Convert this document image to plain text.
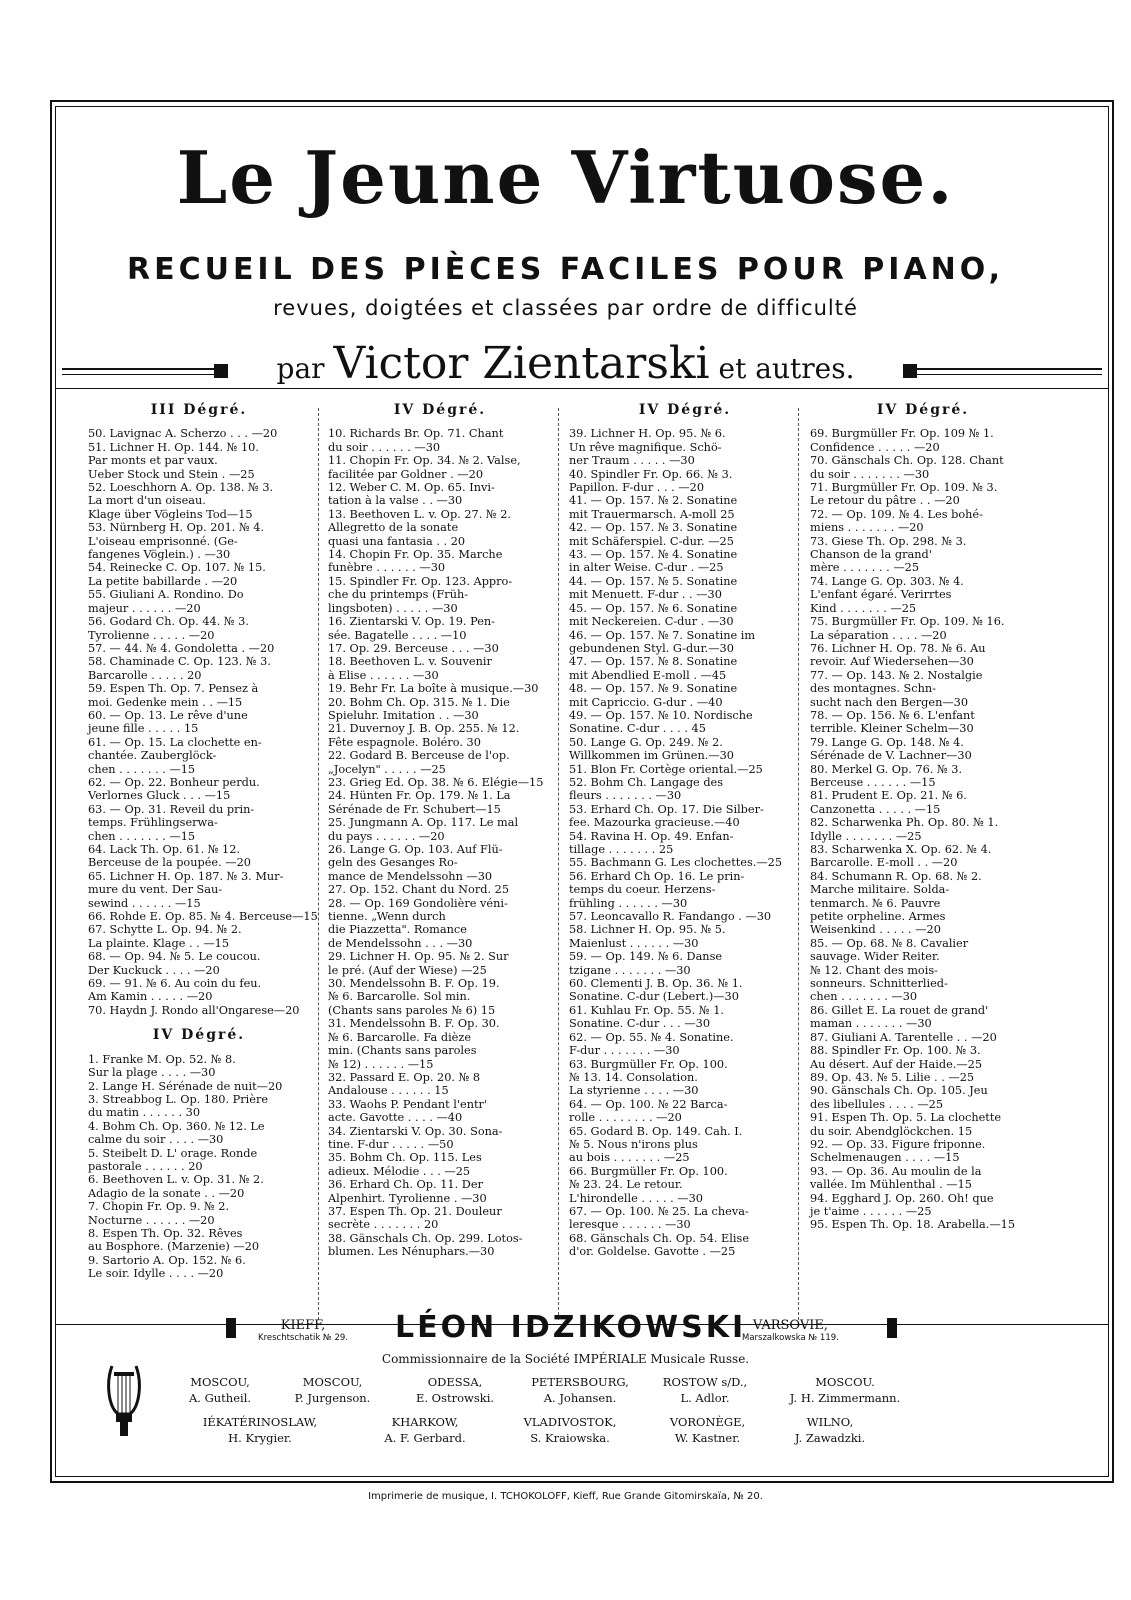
Le Jeune Virtuose.
RECUEIL DES PIÈCES FACILES POUR PIANO,
revues, doigtées et classées par ordre de difficulté
par Victor Zientarski et autres.
III Dégré.
50. Lavignac A. Scherzo . . . —20
51. Lichner H. Op. 144. № 10.
Par monts et par vaux.
Ueber Stock und Stein . —25
52. Loeschhorn A. Op. 138. № 3.
La mort d'un oiseau.
Klage über Vögleins Tod—15
53. Nürnberg H. Op. 201. № 4.
L'oiseau emprisonné. (Ge-
fangenes Vöglein.) . —30
54. Reinecke C. Op. 107. № 15.
La petite babillarde . —20
55. Giuliani A. Rondino. Do
majeur . . . . . . —20
56. Godard Ch. Op. 44. № 3.
Tyrolienne . . . . . —20
57. — 44. № 4. Gondoletta . —20
58. Chaminade C. Op. 123. № 3.
Barcarolle . . . . . 20
59. Espen Th. Op. 7. Pensez à
moi. Gedenke mein . . —15
60. — Op. 13. Le rêve d'une
jeune fille . . . . . 15
61. — Op. 15. La clochette en-
chantée. Zauberglöck-
chen . . . . . . . —15
62. — Op. 22. Bonheur perdu.
Verlornes Gluck . . . —15
63. — Op. 31. Reveil du prin-
temps. Frühlingserwa-
chen . . . . . . . —15
64. Lack Th. Op. 61. № 12.
Berceuse de la poupée. —20
65. Lichner H. Op. 187. № 3. Mur-
mure du vent. Der Sau-
sewind . . . . . . —15
66. Rohde E. Op. 85. № 4. Berceuse—15
67. Schytte L. Op. 94. № 2.
La plainte. Klage . . —15
68. — Op. 94. № 5. Le coucou.
Der Kuckuck . . . . —20
69. — 91. № 6. Au coin du feu.
Am Kamin . . . . . —20
70. Haydn J. Rondo all'Ongarese—20
IV Dégré.
1. Franke M. Op. 52. № 8.
Sur la plage . . . . —30
2. Lange H. Sérénade de nuit—20
3. Streabbog L. Op. 180. Prière
du matin . . . . . . 30
4. Bohm Ch. Op. 360. № 12. Le
calme du soir . . . . —30
5. Steibelt D. L' orage. Ronde
pastorale . . . . . . 20
6. Beethoven L. v. Op. 31. № 2.
Adagio de la sonate . . —20
7. Chopin Fr. Op. 9. № 2.
Nocturne . . . . . . —20
8. Espen Th. Op. 32. Rêves
au Bosphore. (Marzenie) —20
9. Sartorio A. Op. 152. № 6.
Le soir. Idylle . . . . —20
IV Dégré.
10. Richards Br. Op. 71. Chant
du soir . . . . . . —30
11. Chopin Fr. Op. 34. № 2. Valse,
facilitée par Goldner . —20
12. Weber C. M. Op. 65. Invi-
tation à la valse . . —30
13. Beethoven L. v. Op. 27. № 2.
Allegretto de la sonate
quasi una fantasia . . 20
14. Chopin Fr. Op. 35. Marche
funèbre . . . . . . —30
15. Spindler Fr. Op. 123. Appro-
che du printemps (Früh-
lingsboten) . . . . . —30
16. Zientarski V. Op. 19. Pen-
sée. Bagatelle . . . . —10
17. Op. 29. Berceuse . . . —30
18. Beethoven L. v. Souvenir
à Elise . . . . . . —30
19. Behr Fr. La boîte à musique.—30
20. Bohm Ch. Op. 315. № 1. Die
Spieluhr. Imitation . . —30
21. Duvernoy J. B. Op. 255. № 12.
Fête espagnole. Boléro. 30
22. Godard B. Berceuse de l'op.
„Jocelyn" . . . . . —25
23. Grieg Ed. Op. 38. № 6. Elégie—15
24. Hünten Fr. Op. 179. № 1. La
Sérénade de Fr. Schubert—15
25. Jungmann A. Op. 117. Le mal
du pays . . . . . . —20
26. Lange G. Op. 103. Auf Flü-
geln des Gesanges Ro-
mance de Mendelssohn —30
27. Op. 152. Chant du Nord. 25
28. — Op. 169 Gondolière véni-
tienne. „Wenn durch
die Piazzetta". Romance
de Mendelssohn . . . —30
29. Lichner H. Op. 95. № 2. Sur
le pré. (Auf der Wiese) —25
30. Mendelssohn B. F. Op. 19.
№ 6. Barcarolle. Sol min.
(Chants sans paroles № 6) 15
31. Mendelssohn B. F. Op. 30.
№ 6. Barcarolle. Fa dièze
min. (Chants sans paroles
№ 12) . . . . . . —15
32. Passard E. Op. 20. № 8
Andalouse . . . . . . 15
33. Waohs P. Pendant l'entr'
acte. Gavotte . . . . —40
34. Zientarski V. Op. 30. Sona-
tine. F-dur . . . . . —50
35. Bohm Ch. Op. 115. Les
adieux. Mélodie . . . —25
36. Erhard Ch. Op. 11. Der
Alpenhirt. Tyrolienne . —30
37. Espen Th. Op. 21. Douleur
secrète . . . . . . . 20
38. Gänschals Ch. Op. 299. Lotos-
blumen. Les Nénuphars.—30
IV Dégré.
39. Lichner H. Op. 95. № 6.
Un rêve magnifique. Schö-
ner Traum . . . . . —30
40. Spindler Fr. Op. 66. № 3.
Papillon. F-dur . . . —20
41. — Op. 157. № 2. Sonatine
mit Trauermarsch. A-moll 25
42. — Op. 157. № 3. Sonatine
mit Schäferspiel. C-dur. —25
43. — Op. 157. № 4. Sonatine
in alter Weise. C-dur . —25
44. — Op. 157. № 5. Sonatine
mit Menuett. F-dur . . —30
45. — Op. 157. № 6. Sonatine
mit Neckereien. C-dur . —30
46. — Op. 157. № 7. Sonatine im
gebundenen Styl. G-dur.—30
47. — Op. 157. № 8. Sonatine
mit Abendlied E-moll . —45
48. — Op. 157. № 9. Sonatine
mit Capriccio. G-dur . —40
49. — Op. 157. № 10. Nordische
Sonatine. C-dur . . . . 45
50. Lange G. Op. 249. № 2.
Willkommen im Grünen.—30
51. Blon Fr. Cortège oriental.—25
52. Bohm Ch. Langage des
fleurs . . . . . . . —30
53. Erhard Ch. Op. 17. Die Silber-
fee. Mazourka gracieuse.—40
54. Ravina H. Op. 49. Enfan-
tillage . . . . . . . 25
55. Bachmann G. Les clochettes.—25
56. Erhard Ch Op. 16. Le prin-
temps du coeur. Herzens-
frühling . . . . . . —30
57. Leoncavallo R. Fandango . —30
58. Lichner H. Op. 95. № 5.
Maienlust . . . . . . —30
59. — Op. 149. № 6. Danse
tzigane . . . . . . . —30
60. Clementi J. B. Op. 36. № 1.
Sonatine. C-dur (Lebert.)—30
61. Kuhlau Fr. Op. 55. № 1.
Sonatine. C-dur . . . —30
62. — Op. 55. № 4. Sonatine.
F-dur . . . . . . . —30
63. Burgmüller Fr. Op. 100.
№ 13. 14. Consolation.
La styrienne . . . . —30
64. — Op. 100. № 22 Barca-
rolle . . . . . . . . —20
65. Godard B. Op. 149. Cah. I.
№ 5. Nous n'irons plus
au bois . . . . . . . —25
66. Burgmüller Fr. Op. 100.
№ 23. 24. Le retour.
L'hirondelle . . . . . —30
67. — Op. 100. № 25. La cheva-
leresque . . . . . . —30
68. Gänschals Ch. Op. 54. Elise
d'or. Goldelse. Gavotte . —25
IV Dégré.
69. Burgmüller Fr. Op. 109 № 1.
Confidence . . . . . —20
70. Gänschals Ch. Op. 128. Chant
du soir . . . . . . . —30
71. Burgmüller Fr. Op. 109. № 3.
Le retour du pâtre . . —20
72. — Op. 109. № 4. Les bohé-
miens . . . . . . . —20
73. Giese Th. Op. 298. № 3.
Chanson de la grand'
mère . . . . . . . —25
74. Lange G. Op. 303. № 4.
L'enfant égaré. Verirrtes
Kind . . . . . . . —25
75. Burgmüller Fr. Op. 109. № 16.
La séparation . . . . —20
76. Lichner H. Op. 78. № 6. Au
revoir. Auf Wiedersehen—30
77. — Op. 143. № 2. Nostalgie
des montagnes. Schn-
sucht nach den Bergen—30
78. — Op. 156. № 6. L'enfant
terrible. Kleiner Schelm—30
79. Lange G. Op. 148. № 4.
Sérénade de V. Lachner—30
80. Merkel G. Op. 76. № 3.
Berceuse . . . . . . —15
81. Prudent E. Op. 21. № 6.
Canzonetta . . . . . —15
82. Scharwenka Ph. Op. 80. № 1.
Idylle . . . . . . . —25
83. Scharwenka X. Op. 62. № 4.
Barcarolle. E-moll . . —20
84. Schumann R. Op. 68. № 2.
Marche militaire. Solda-
tenmarch. № 6. Pauvre
petite orpheline. Armes
Weisenkind . . . . . —20
85. — Op. 68. № 8. Cavalier
sauvage. Wider Reiter.
№ 12. Chant des mois-
sonneurs. Schnitterlied-
chen . . . . . . . —30
86. Gillet E. La rouet de grand'
maman . . . . . . . —30
87. Giuliani A. Tarentelle . . —20
88. Spindler Fr. Op. 100. № 3.
Au désert. Auf der Haide.—25
89. Op. 43. № 5. Lilie . . —25
90. Gänschals Ch. Op. 105. Jeu
des libellules . . . . —25
91. Espen Th. Op. 5. La clochette
du soir. Abendglöckchen. 15
92. — Op. 33. Figure friponne.
Schelmenaugen . . . . —15
93. — Op. 36. Au moulin de la
vallée. Im Mühlenthal . —15
94. Egghard J. Op. 260. Oh! que
je t'aime . . . . . . —25
95. Espen Th. Op. 18. Arabella.—15
KIEFF,
Kreschtschatik № 29. LÉON IDZIKOWSKI VARSOVIE,
Marszalkowska № 119.
Commissionnaire de la Société IMPÉRIALE Musicale Russe.
MOSCOU,
A. Gutheil.
MOSCOU,
P. Jurgenson.
ODESSA,
E. Ostrowski.
PETERSBOURG,
A. Johansen.
ROSTOW s/D.,
L. Adlor.
MOSCOU.
J. H. Zimmermann.
IÉKATÉRINOSLAW,
H. Krygier.
KHARKOW,
A. F. Gerbard.
VLADIVOSTOK,
S. Kraiowska.
VORONÈGE,
W. Kastner.
WILNO,
J. Zawadzki.
Imprimerie de musique, I. TCHOKOLOFF, Kieff, Rue Grande Gitomirskaïa, № 20.
